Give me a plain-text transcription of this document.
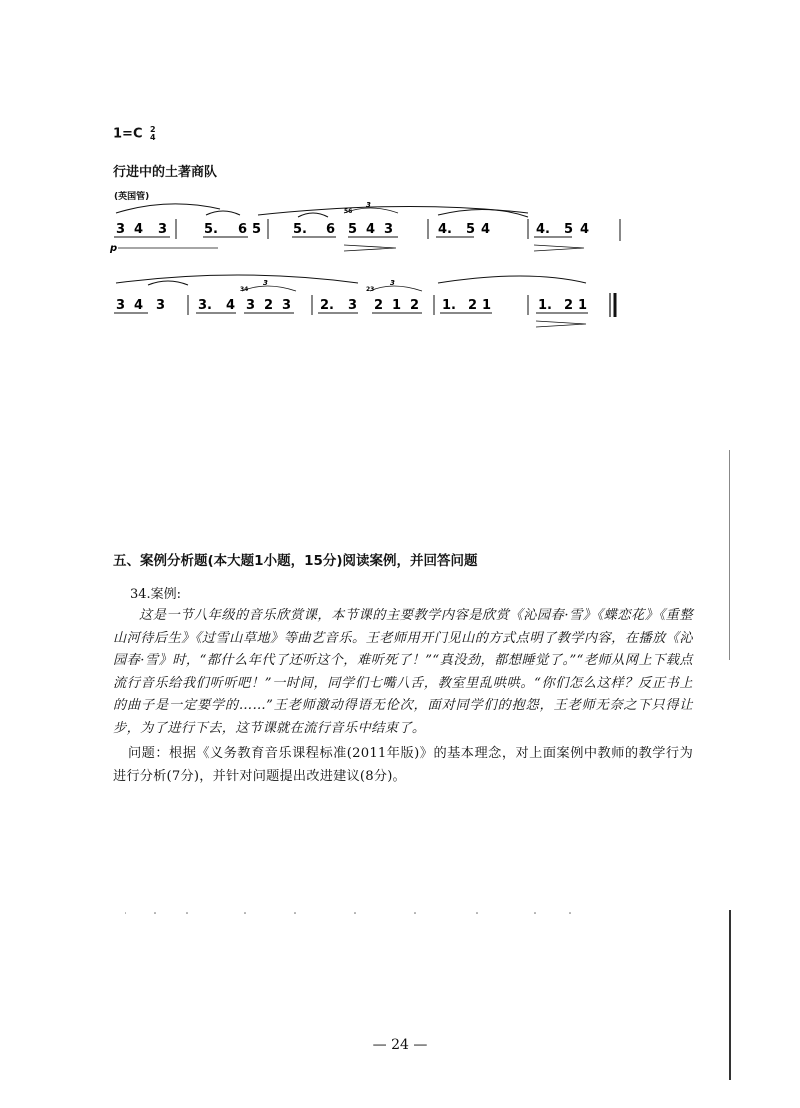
1=C 2
4
行进中的土著商队
(英国管)
3 4 3	5. 6 5 5. 6
56
3
5 4 3	4. 5 4	4. 5 4
p
3 4 3	3. 4
34
3
3 2 3 2. 3
23
3
2 1 2 1. 2 1	1. 2 1
五、案例分析题(本大题1小题，15分)阅读案例，并回答问题
34.案例:
这是一节八年级的音乐欣赏课，本节课的主要教学内容是欣赏《沁园春·雪》《蝶恋花》《重整山河待后生》《过雪山草地》等曲艺音乐。王老师用开门见山的方式点明了教学内容，在播放《沁园春·雪》时，“都什么年代了还听这个，难听死了！”“真没劲，都想睡觉了。”“老师从网上下载点流行音乐给我们听听吧！”一时间，同学们七嘴八舌，教室里乱哄哄。“你们怎么这样？反正书上的曲子是一定要学的……”王老师激动得语无伦次，面对同学们的抱怨，王老师无奈之下只得让步，为了进行下去，这节课就在流行音乐中结束了。
问题：根据《义务教育音乐课程标准(2011年版)》的基本理念，对上面案例中教师的教学行为进行分析(7分)，并针对问题提出改进建议(8分)。
— 24 —
